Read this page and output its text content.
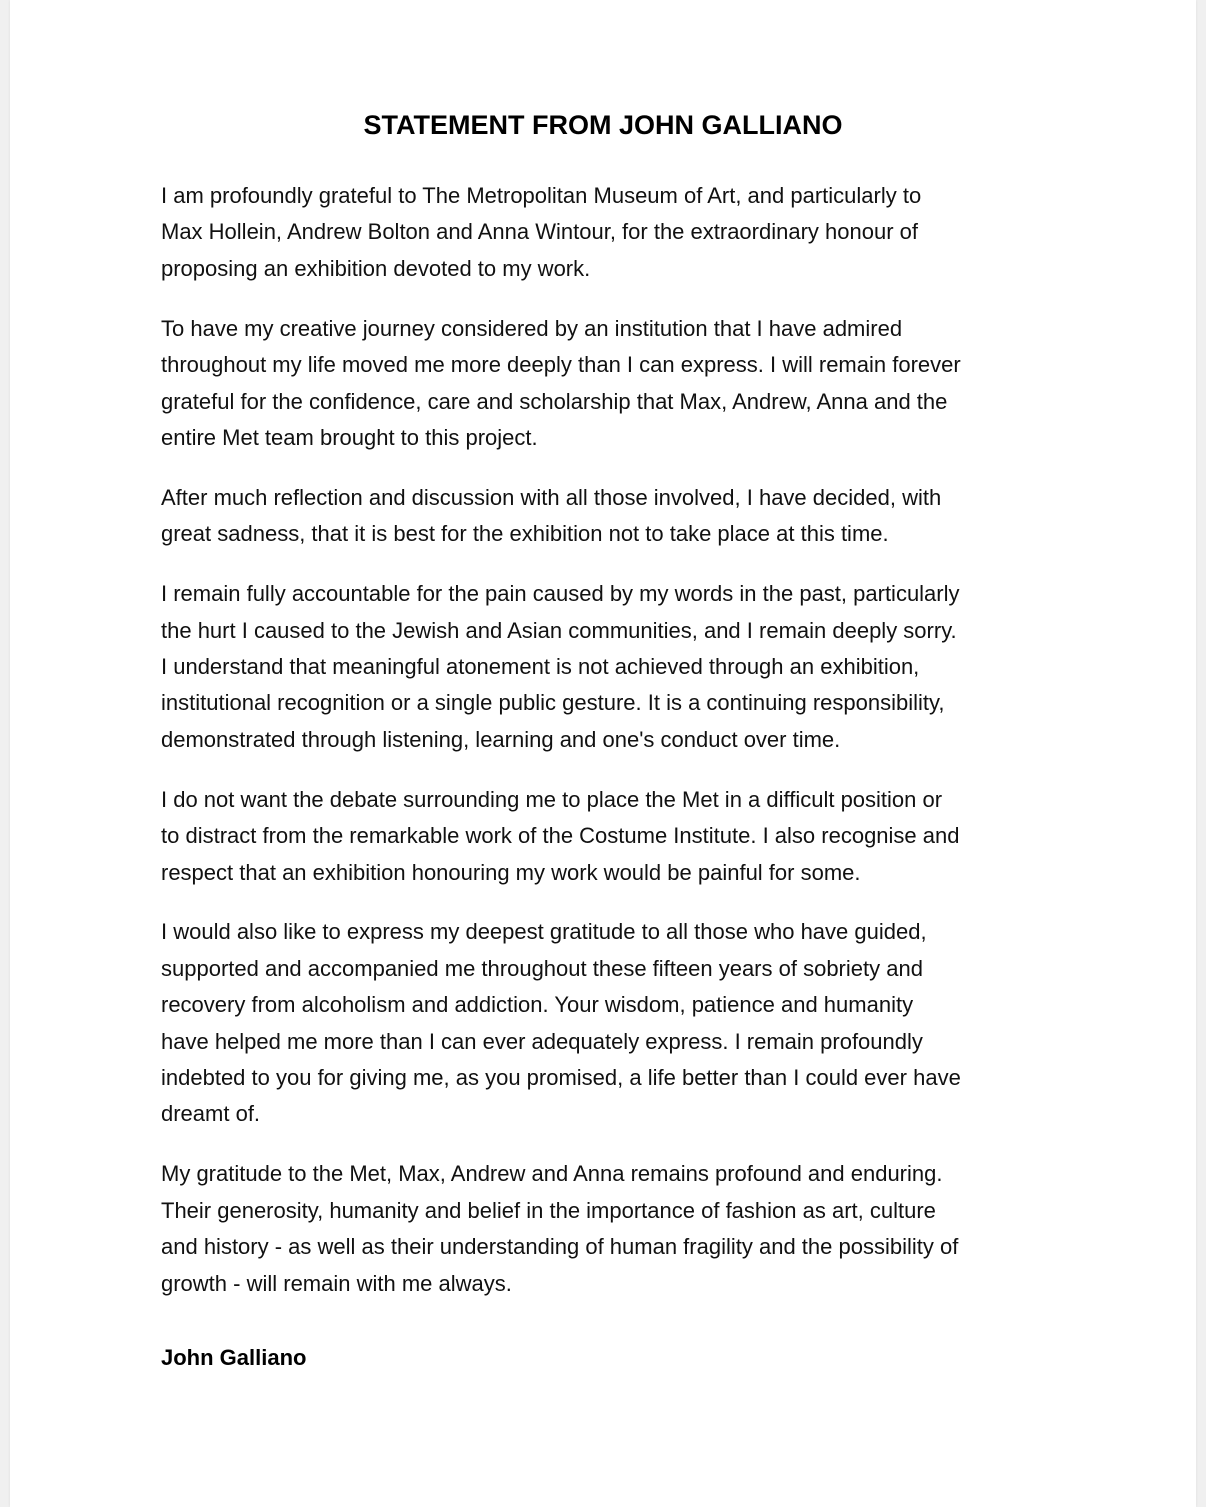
STATEMENT FROM JOHN GALLIANO

I am profoundly grateful to The Metropolitan Museum of Art, and particularly to
Max Hollein, Andrew Bolton and Anna Wintour, for the extraordinary honour of
proposing an exhibition devoted to my work.

To have my creative journey considered by an institution that I have admired
throughout my life moved me more deeply than I can express. I will remain forever
grateful for the confidence, care and scholarship that Max, Andrew, Anna and the
entire Met team brought to this project.

After much reflection and discussion with all those involved, I have decided, with
great sadness, that it is best for the exhibition not to take place at this time.

I remain fully accountable for the pain caused by my words in the past, particularly
the hurt I caused to the Jewish and Asian communities, and I remain deeply sorry.
I understand that meaningful atonement is not achieved through an exhibition,
institutional recognition or a single public gesture. It is a continuing responsibility,
demonstrated through listening, learning and one's conduct over time.

I do not want the debate surrounding me to place the Met in a difficult position or
to distract from the remarkable work of the Costume Institute. I also recognise and
respect that an exhibition honouring my work would be painful for some.

I would also like to express my deepest gratitude to all those who have guided,
supported and accompanied me throughout these fifteen years of sobriety and
recovery from alcoholism and addiction. Your wisdom, patience and humanity
have helped me more than I can ever adequately express. I remain profoundly
indebted to you for giving me, as you promised, a life better than I could ever have
dreamt of.

My gratitude to the Met, Max, Andrew and Anna remains profound and enduring.
Their generosity, humanity and belief in the importance of fashion as art, culture
and history - as well as their understanding of human fragility and the possibility of
growth - will remain with me always.

John Galliano
